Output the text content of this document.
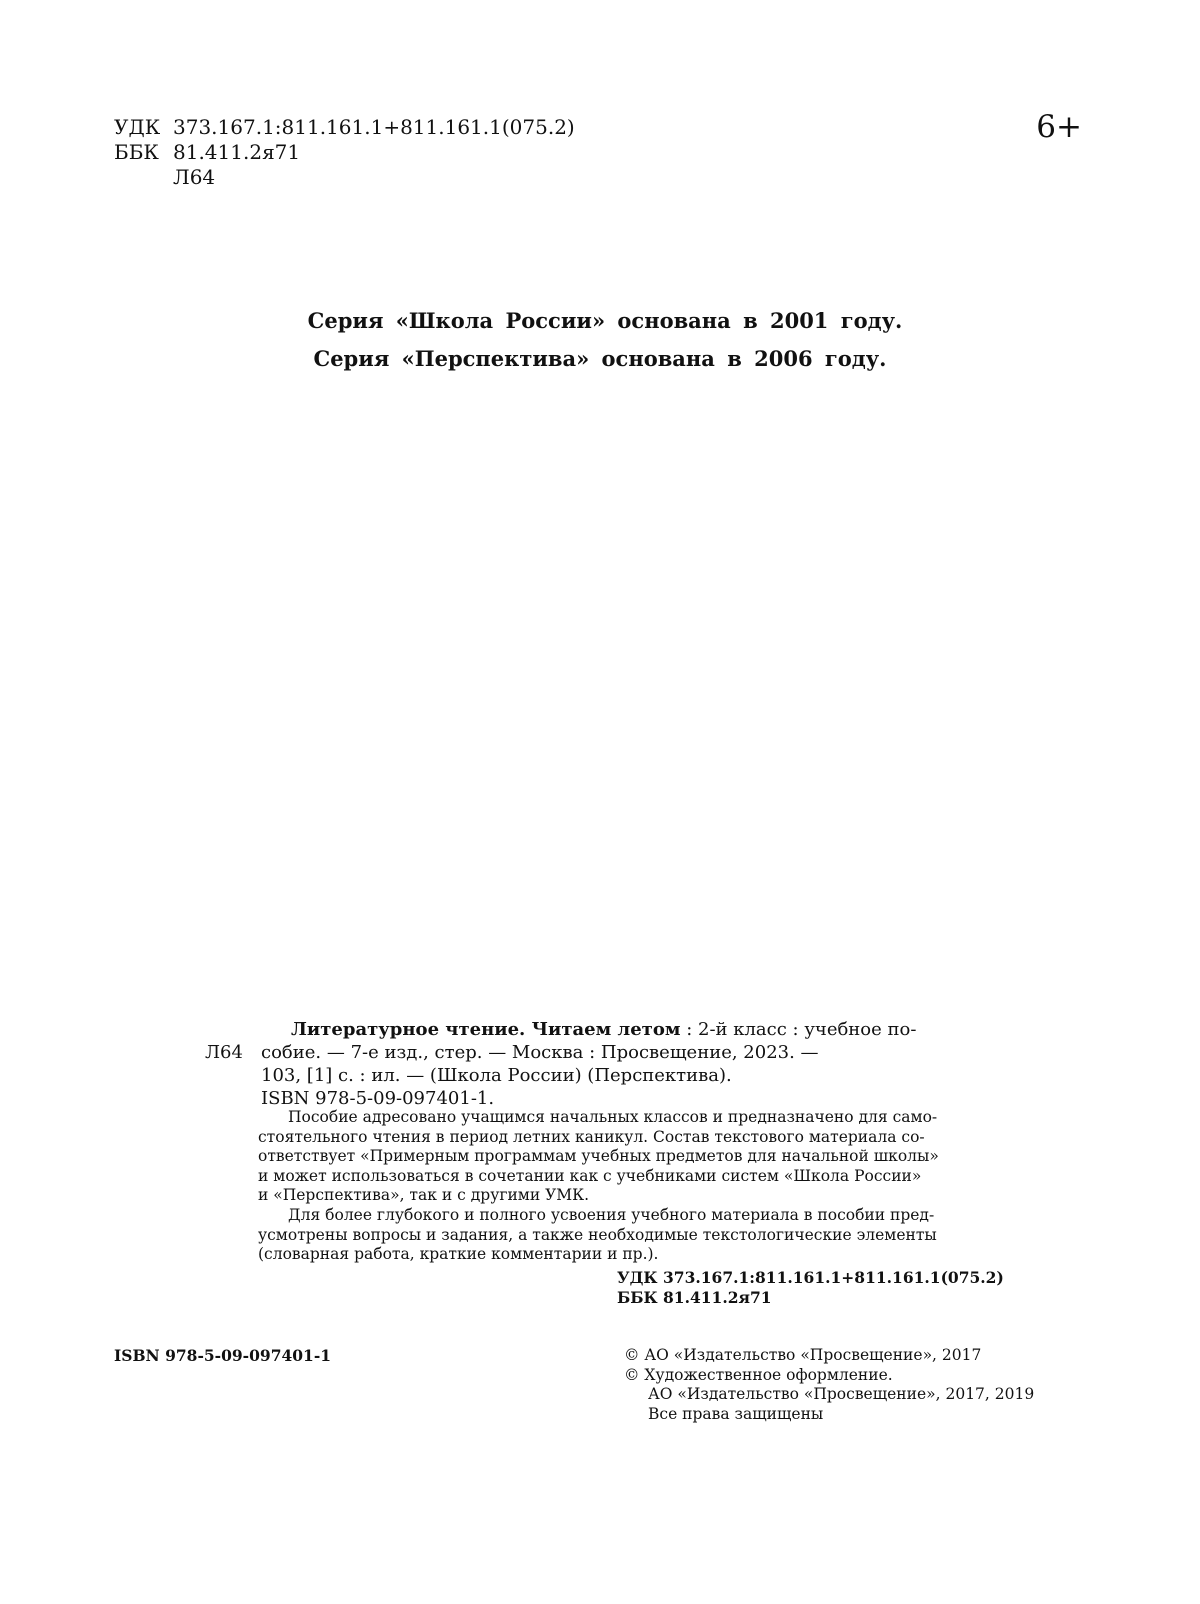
УДК 373.167.1:811.161.1+811.161.1(075.2)
ББК 81.411.2я71
Л64
6+
Серия «Школа России» основана в 2001 году.
Серия «Перспектива» основана в 2006 году.
Л64
Литературное чтение. Читаем летом : 2-й класс : учебное по-
собие. — 7-е изд., стер. — Москва : Просвещение, 2023. —
103, [1] с. : ил. — (Школа России) (Перспектива).
ISBN 978-5-09-097401-1.

Пособие адресовано учащимся начальных классов и предназначено для само-

стоятельного чтения в период летних каникул. Состав текстового материала со-

ответствует «Примерным программам учебных предметов для начальной школы»

и может использоваться в сочетании как с учебниками систем «Школа России»

и «Перспектива», так и с другими УМК.

Для более глубокого и полного усвоения учебного материала в пособии пред-

усмотрены вопросы и задания, а также необходимые текстологические элементы

(словарная работа, краткие комментарии и пр.).

УДК 373.167.1:811.161.1+811.161.1(075.2)
ББК 81.411.2я71
ISBN 978-5-09-097401-1	© АО «Издательство «Просвещение», 2017
© Художественное оформление.
АО «Издательство «Просвещение», 2017, 2019
Все права защищены
